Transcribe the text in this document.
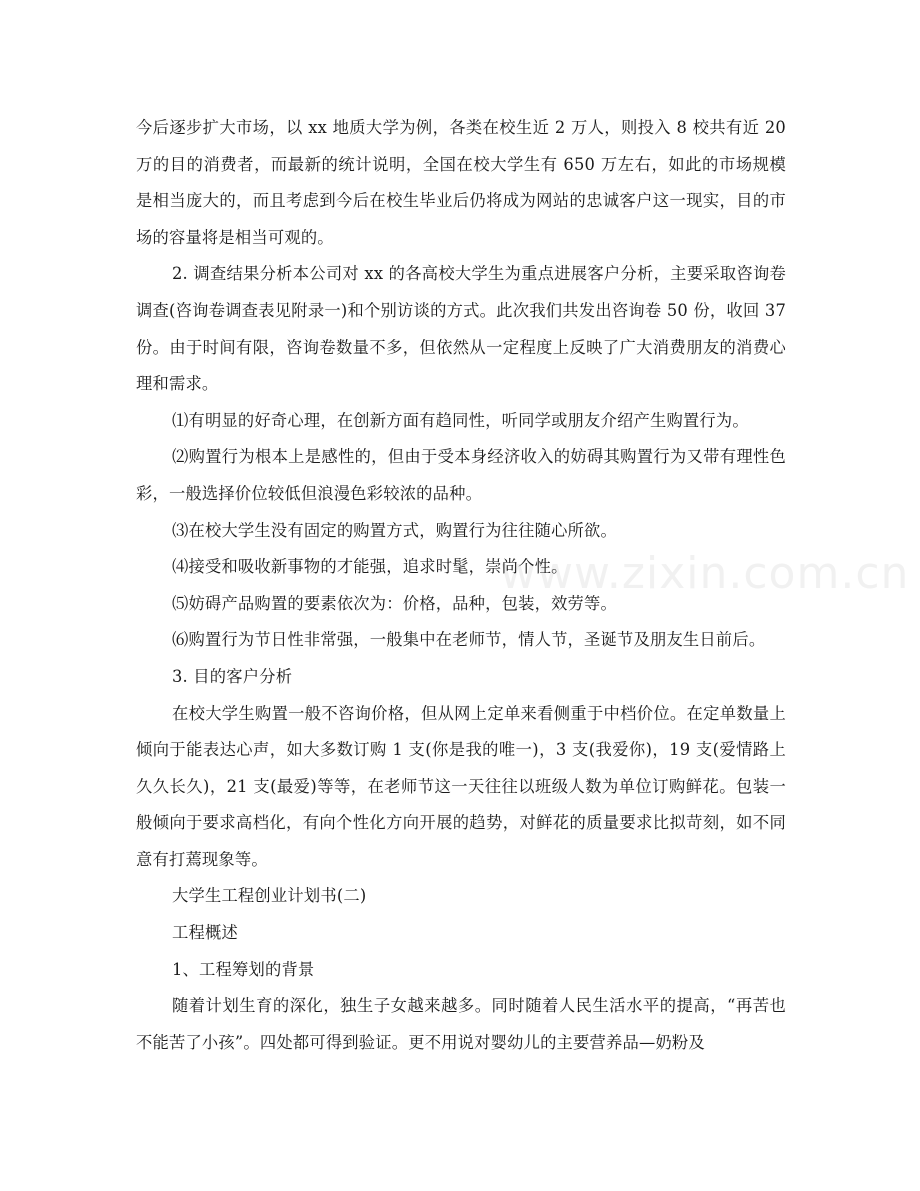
www.zixin.com.cn

今后逐步扩大市场，以 xx 地质大学为例，各类在校生近 2 万人，则投入 8 校共有近 20 万的目的消费者，而最新的统计说明，全国在校大学生有 650 万左右，如此的市场规模是相当庞大的，而且考虑到今后在校生毕业后仍将成为网站的忠诚客户这一现实，目的市场的容量将是相当可观的。

2. 调查结果分析本公司对 xx 的各高校大学生为重点进展客户分析，主要采取咨询卷调查(咨询卷调查表见附录一)和个别访谈的方式。此次我们共发出咨询卷 50 份，收回 37 份。由于时间有限，咨询卷数量不多，但依然从一定程度上反映了广大消费朋友的消费心理和需求。

⑴有明显的好奇心理，在创新方面有趋同性，听同学或朋友介绍产生购置行为。

⑵购置行为根本上是感性的，但由于受本身经济收入的妨碍其购置行为又带有理性色彩，一般选择价位较低但浪漫色彩较浓的品种。

⑶在校大学生没有固定的购置方式，购置行为往往随心所欲。

⑷接受和吸收新事物的才能强，追求时髦，崇尚个性。

⑸妨碍产品购置的要素依次为：价格，品种，包装，效劳等。

⑹购置行为节日性非常强，一般集中在老师节，情人节，圣诞节及朋友生日前后。

3. 目的客户分析

在校大学生购置一般不咨询价格，但从网上定单来看侧重于中档价位。在定单数量上倾向于能表达心声，如大多数订购 1 支(你是我的唯一)，3 支(我爱你)，19 支(爱情路上久久长久)，21 支(最爱)等等，在老师节这一天往往以班级人数为单位订购鲜花。包装一般倾向于要求高档化，有向个性化方向开展的趋势，对鲜花的质量要求比拟苛刻，如不同意有打蔫现象等。

大学生工程创业计划书(二)

工程概述

1、工程筹划的背景

随着计划生育的深化，独生子女越来越多。同时随着人民生活水平的提高，“再苦也不能苦了小孩”。四处都可得到验证。更不用说对婴幼儿的主要营养品—奶粉及
